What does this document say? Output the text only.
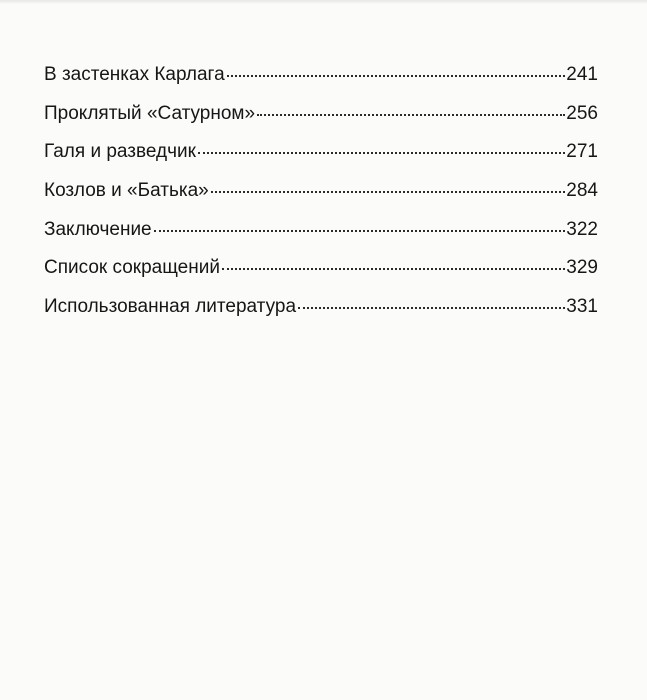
В застенках Карлага	241
Проклятый «Сатурном»	256
Галя и разведчик	271
Козлов и «Батька»	284
Заключение	322
Список сокращений	329
Использованная литература	331
